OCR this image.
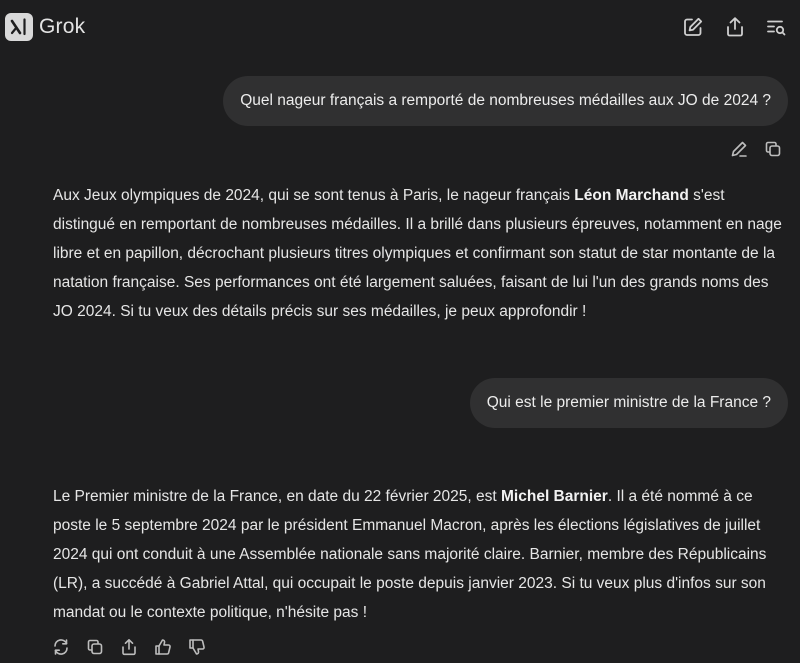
Grok
Quel nageur français a remporté de nombreuses médailles aux JO de 2024 ?

Aux Jeux olympiques de 2024, qui se sont tenus à Paris, le nageur français Léon Marchand s'est distingué en remportant de nombreuses médailles. Il a brillé dans plusieurs épreuves, notamment en nage libre et en papillon, décrochant plusieurs titres olympiques et confirmant son statut de star montante de la natation française. Ses performances ont été largement saluées, faisant de lui l'un des grands noms des JO 2024. Si tu veux des détails précis sur ses médailles, je peux approfondir !

Qui est le premier ministre de la France ?

Le Premier ministre de la France, en date du 22 février 2025, est Michel Barnier. Il a été nommé à ce poste le 5 septembre 2024 par le président Emmanuel Macron, après les élections législatives de juillet 2024 qui ont conduit à une Assemblée nationale sans majorité claire. Barnier, membre des Républicains (LR), a succédé à Gabriel Attal, qui occupait le poste depuis janvier 2023. Si tu veux plus d'infos sur son mandat ou le contexte politique, n'hésite pas !
